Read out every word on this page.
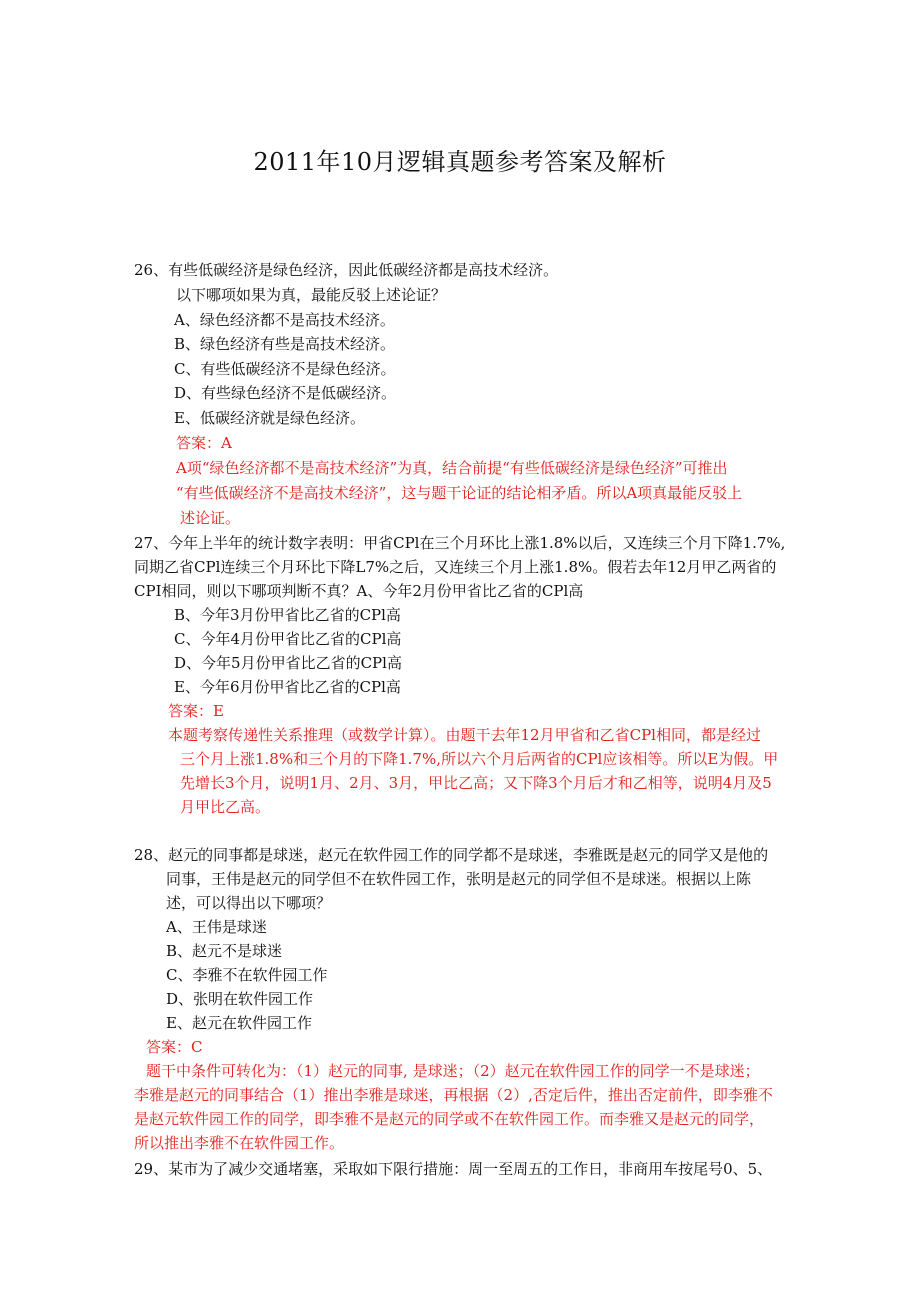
2011年10月逻辑真题参考答案及解析
26、有些低碳经济是绿色经济，因此低碳经济都是高技术经济。
以下哪项如果为真，最能反驳上述论证？
A、绿色经济都不是高技术经济。
B、绿色经济有些是高技术经济。
C、有些低碳经济不是绿色经济。
D、有些绿色经济不是低碳经济。
E、低碳经济就是绿色经济。
答案：A
A项“绿色经济都不是高技术经济”为真，结合前提“有些低碳经济是绿色经济”可推出
“有些低碳经济不是高技术经济”，这与题干论证的结论相矛盾。所以A项真最能反驳上
述论证。
27、今年上半年的统计数字表明：甲省CPl在三个月环比上涨1.8%以后，又连续三个月下降1.7%,
同期乙省CPl连续三个月环比下降L7%之后，又连续三个月上涨1.8%。假若去年12月甲乙两省的
CPI相同，则以下哪项判断不真？A、今年2月份甲省比乙省的CPl高
B、今年3月份甲省比乙省的CPl高
C、今年4月份甲省比乙省的CPl高
D、今年5月份甲省比乙省的CPl高
E、今年6月份甲省比乙省的CPl高
答案：E
本题考察传递性关系推理（或数学计算）。由题干去年12月甲省和乙省CPl相同，都是经过
三个月上涨1.8%和三个月的下降1.7%,所以六个月后两省的CPl应该相等。所以E为假。甲
先增长3个月，说明1月、2月、3月，甲比乙高；又下降3个月后才和乙相等，说明4月及5
月甲比乙高。
28、赵元的同事都是球迷，赵元在软件园工作的同学都不是球迷，李雅既是赵元的同学又是他的
同事，王伟是赵元的同学但不在软件园工作，张明是赵元的同学但不是球迷。根据以上陈
述，可以得出以下哪项？
A、王伟是球迷
B、赵元不是球迷
C、李雅不在软件园工作
D、张明在软件园工作
E、赵元在软件园工作
答案：C
题干中条件可转化为：（1）赵元的同事, 是球迷；（2）赵元在软件园工作的同学一不是球迷；
李雅是赵元的同事结合（1）推出李雅是球迷，再根据（2）,否定后件，推出否定前件，即李雅不
是赵元软件园工作的同学，即李雅不是赵元的同学或不在软件园工作。而李雅又是赵元的同学，
所以推出李雅不在软件园工作。
29、某市为了减少交通堵塞，采取如下限行措施：周一至周五的工作日，非商用车按尾号0、5、
